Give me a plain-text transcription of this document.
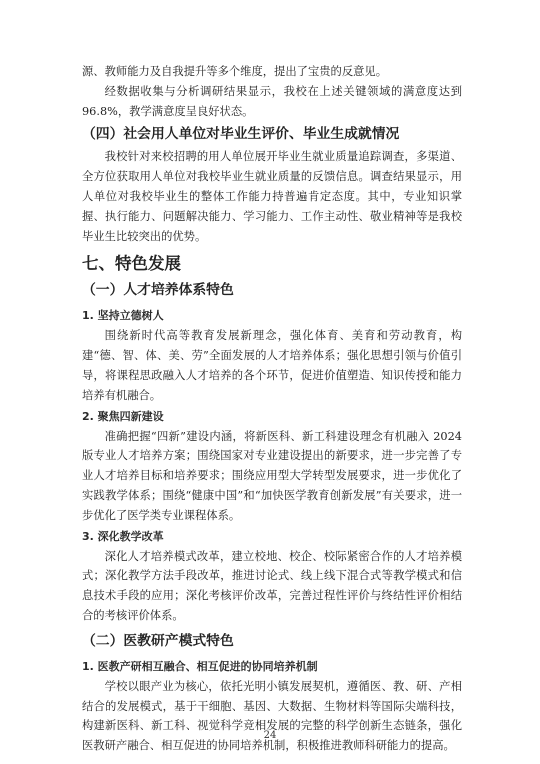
源、教师能力及自我提升等多个维度，提出了宝贵的反意见。

经数据收集与分析调研结果显示，我校在上述关键领域的满意度达到 96.8%，教学满意度呈良好状态。

（四）社会用人单位对毕业生评价、毕业生成就情况

我校针对来校招聘的用人单位展开毕业生就业质量追踪调查，多渠道、全方位获取用人单位对我校毕业生就业质量的反馈信息。调查结果显示，用人单位对我校毕业生的整体工作能力持普遍肯定态度。其中，专业知识掌握、执行能力、问题解决能力、学习能力、工作主动性、敬业精神等是我校毕业生比较突出的优势。

七、特色发展

（一）人才培养体系特色

1. 坚持立德树人

围绕新时代高等教育发展新理念，强化体育、美育和劳动教育，构建“德、智、体、美、劳”全面发展的人才培养体系；强化思想引领与价值引导，将课程思政融入人才培养的各个环节，促进价值塑造、知识传授和能力培养有机融合。

2. 聚焦四新建设

准确把握“四新”建设内涵，将新医科、新工科建设理念有机融入 2024 版专业人才培养方案；围绕国家对专业建设提出的新要求，进一步完善了专业人才培养目标和培养要求；围绕应用型大学转型发展要求，进一步优化了实践教学体系；围绕“健康中国”和“加快医学教育创新发展”有关要求，进一步优化了医学类专业课程体系。

3. 深化教学改革

深化人才培养模式改革，建立校地、校企、校际紧密合作的人才培养模式；深化教学方法手段改革，推进讨论式、线上线下混合式等教学模式和信息技术手段的应用；深化考核评价改革，完善过程性评价与终结性评价相结合的考核评价体系。

（二）医教研产模式特色

1. 医教产研相互融合、相互促进的协同培养机制

学校以眼产业为核心，依托光明小镇发展契机，遵循医、教、研、产相结合的发展模式，基于干细胞、基因、大数据、生物材料等国际尖端科技，构建新医科、新工科、视觉科学竞相发展的完整的科学创新生态链条，强化医教研产融合、相互促进的协同培养机制，积极推进教师科研能力的提高。

24
